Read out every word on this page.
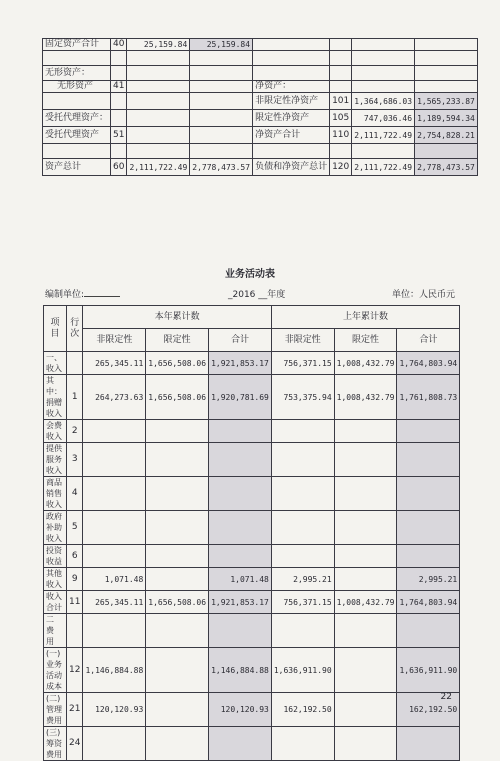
固定资产合计	40	25,159.84	25,159.84				

无形资产：							
无形资产	41			净资产：			
				非限定性净资产	101	1,364,686.03	1,565,233.87
受托代理资产：				限定性净资产	105	747,036.46	1,189,594.34
受托代理资产	51			净资产合计	110	2,111,722.49	2,754,828.21

资产总计	60	2,111,722.49	2,778,473.57	负债和净资产总计	120	2,111,722.49	2,778,473.57
业务活动表
编制单位:	_2016 __年度	单位：人民币元
项　目	行次	本年累计数			上年累计数		
		非限定性	限定性	合计	非限定性	限定性	合计
一、收入		265,345.11	1,656,508.06	1,921,853.17	756,371.15	1,008,432.79	1,764,803.94
其中：捐赠收入	1	264,273.63	1,656,508.06	1,920,781.69	753,375.94	1,008,432.79	1,761,808.73
会费收入	2						
提供服务收入	3						
商品销售收入	4						
政府补助收入	5						
投资收益	6						
其他收入	9	1,071.48		1,071.48	2,995.21		2,995.21
收入合计	11	265,345.11	1,656,508.06	1,921,853.17	756,371.15	1,008,432.79	1,764,803.94
二 费　用							
(一) 业务活动成本	12	1,146,884.88		1,146,884.88	1,636,911.90		1,636,911.90
(二) 管理费用	21	120,120.93		120,120.93	162,192.50		162,192.50
(三) 筹资费用	24						
22
